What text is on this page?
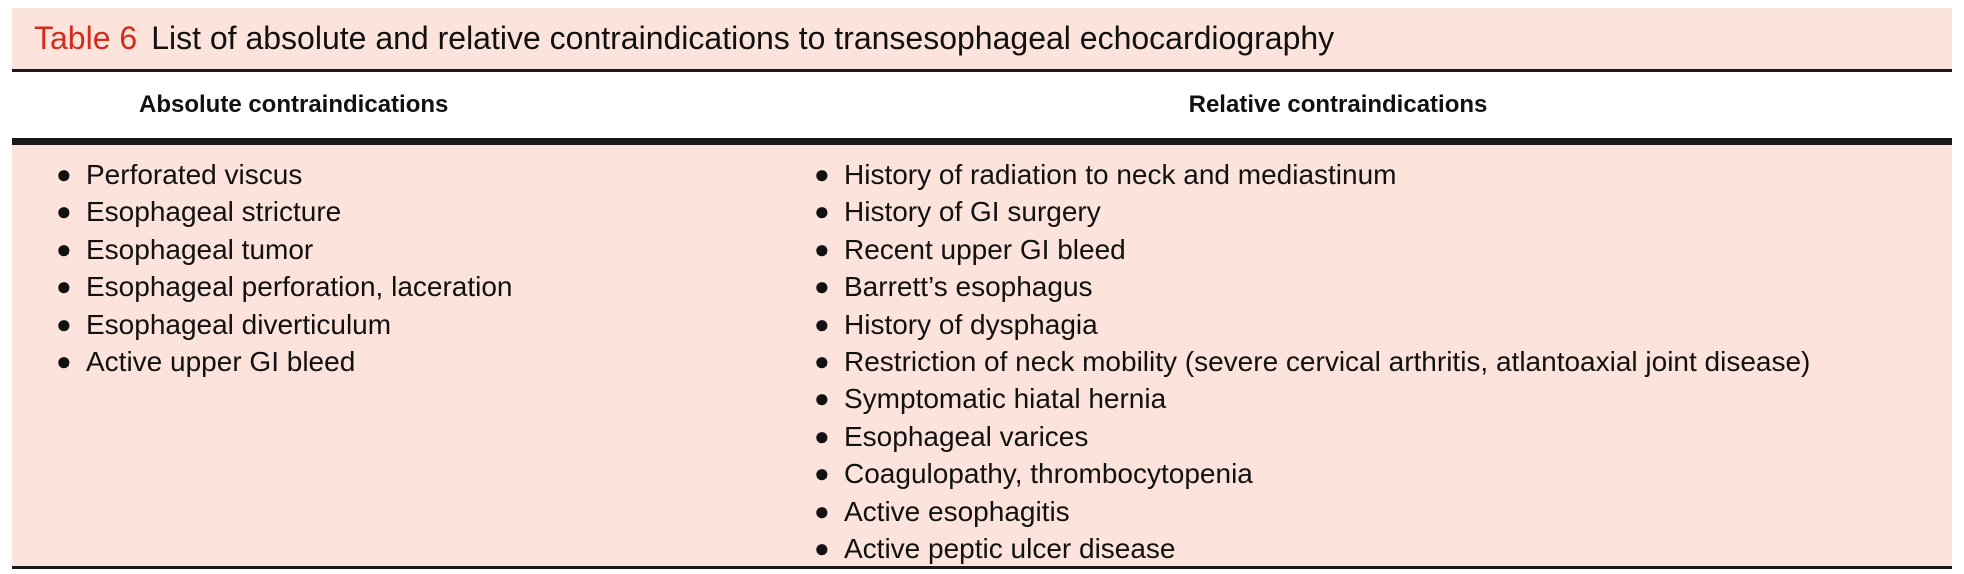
Table 6 List of absolute and relative contraindications to transesophageal echocardiography
Absolute contraindications	Relative contraindications
● Perforated viscus
● Esophageal stricture
● Esophageal tumor
● Esophageal perforation, laceration
● Esophageal diverticulum
● Active upper GI bleed
● History of radiation to neck and mediastinum
● History of GI surgery
● Recent upper GI bleed
● Barrett’s esophagus
● History of dysphagia
● Restriction of neck mobility (severe cervical arthritis, atlantoaxial joint disease)
● Symptomatic hiatal hernia
● Esophageal varices
● Coagulopathy, thrombocytopenia
● Active esophagitis
● Active peptic ulcer disease
